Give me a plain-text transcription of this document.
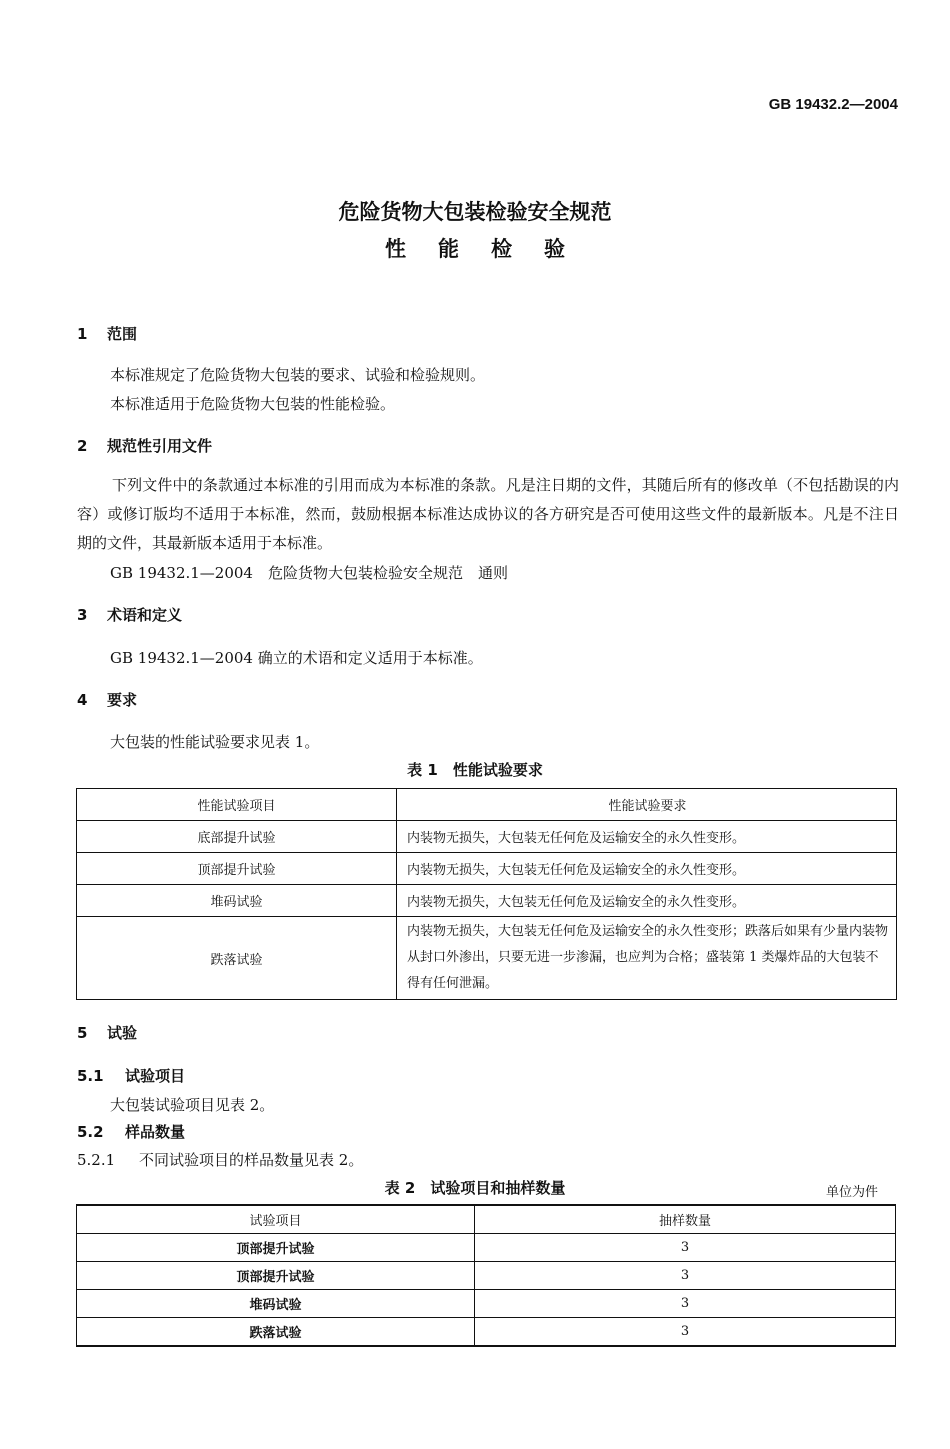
GB 19432.2—2004
危险货物大包装检验安全规范
性能检验
1 范围
本标准规定了危险货物大包装的要求、试验和检验规则。
本标准适用于危险货物大包装的性能检验。
2 规范性引用文件
下列文件中的条款通过本标准的引用而成为本标准的条款。凡是注日期的文件，其随后所有的修改单（不包括勘误的内容）或修订版均不适用于本标准，然而，鼓励根据本标准达成协议的各方研究是否可使用这些文件的最新版本。凡是不注日期的文件，其最新版本适用于本标准。
GB 19432.1—2004　危险货物大包装检验安全规范　通则
3 术语和定义
GB 19432.1—2004 确立的术语和定义适用于本标准。
4 要求
大包装的性能试验要求见表 1。
表 1　性能试验要求
性能试验项目	性能试验要求
底部提升试验	内装物无损失，大包装无任何危及运输安全的永久性变形。
顶部提升试验	内装物无损失，大包装无任何危及运输安全的永久性变形。
堆码试验	内装物无损失，大包装无任何危及运输安全的永久性变形。
跌落试验	内装物无损失，大包装无任何危及运输安全的永久性变形；跌落后如果有少量内装物从封口外渗出，只要无进一步渗漏，也应判为合格；盛装第 1 类爆炸品的大包装不得有任何泄漏。
5 试验
5.1 试验项目
大包装试验项目见表 2。
5.2 样品数量
5.2.1 不同试验项目的样品数量见表 2。
表 2　试验项目和抽样数量	单位为件
试验项目	抽样数量
顶部提升试验	3
顶部提升试验	3
堆码试验	3
跌落试验	3
